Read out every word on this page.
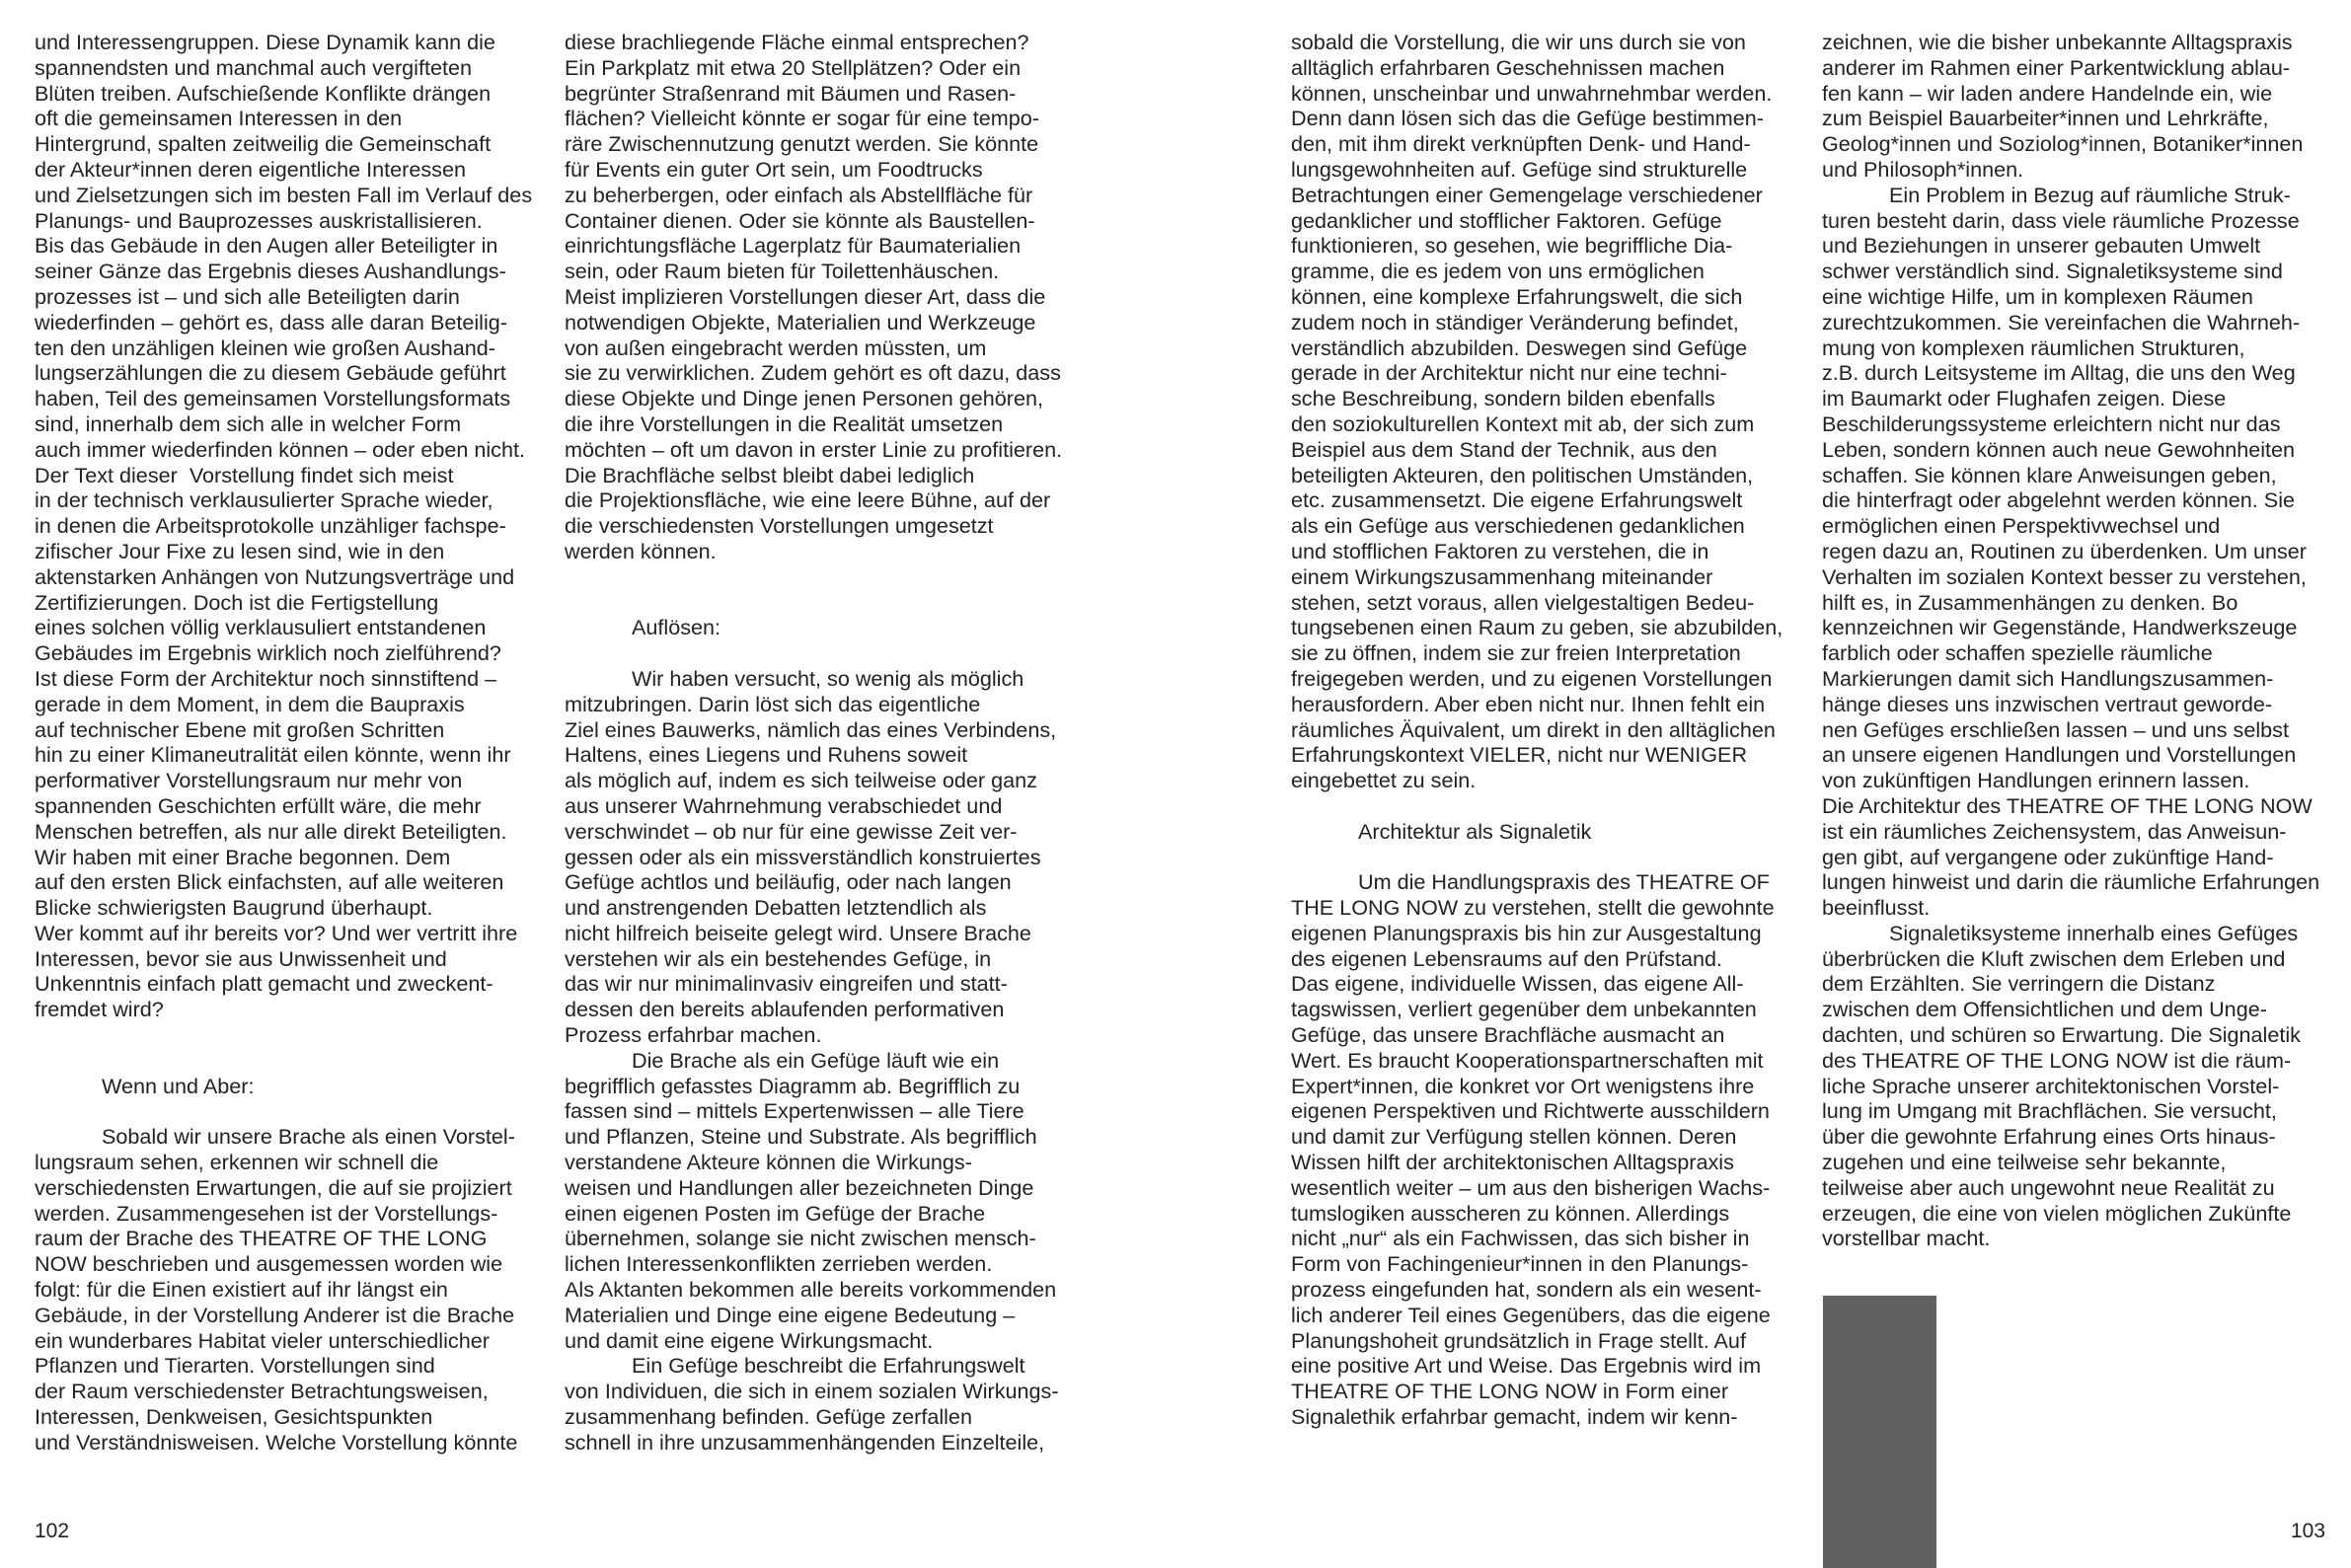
und Interessengruppen. Diese Dynamik kann die
spannendsten und manchmal auch vergifteten
Blüten treiben. Aufschießende Konflikte drängen
oft die gemeinsamen Interessen in den
Hintergrund, spalten zeitweilig die Gemeinschaft
der Akteur*innen deren eigentliche Interessen
und Zielsetzungen sich im besten Fall im Verlauf des
Planungs- und Bauprozesses auskristallisieren.
Bis das Gebäude in den Augen aller Beteiligter in
seiner Gänze das Ergebnis dieses Aushandlungs-
prozesses ist – und sich alle Beteiligten darin
wiederfinden – gehört es, dass alle daran Beteilig-
ten den unzähligen kleinen wie großen Aushand-
lungserzählungen die zu diesem Gebäude geführt
haben, Teil des gemeinsamen Vorstellungsformats
sind, innerhalb dem sich alle in welcher Form
auch immer wiederfinden können – oder eben nicht.
Der Text dieser  Vorstellung findet sich meist
in der technisch verklausulierter Sprache wieder,
in denen die Arbeitsprotokolle unzähliger fachspe-
zifischer Jour Fixe zu lesen sind, wie in den
aktenstarken Anhängen von Nutzungsverträge und
Zertifizierungen. Doch ist die Fertigstellung
eines solchen völlig verklausuliert entstandenen
Gebäudes im Ergebnis wirklich noch zielführend?
Ist diese Form der Architektur noch sinnstiftend –
gerade in dem Moment, in dem die Baupraxis
auf technischer Ebene mit großen Schritten
hin zu einer Klimaneutralität eilen könnte, wenn ihr
performativer Vorstellungsraum nur mehr von
spannenden Geschichten erfüllt wäre, die mehr
Menschen betreffen, als nur alle direkt Beteiligten.
Wir haben mit einer Brache begonnen. Dem
auf den ersten Blick einfachsten, auf alle weiteren
Blicke schwierigsten Baugrund überhaupt.
Wer kommt auf ihr bereits vor? Und wer vertritt ihre
Interessen, bevor sie aus Unwissenheit und
Unkenntnis einfach platt gemacht und zweckent-
fremdet wird?
Wenn und Aber:
Sobald wir unsere Brache als einen Vorstel-
lungsraum sehen, erkennen wir schnell die
verschiedensten Erwartungen, die auf sie projiziert
werden. Zusammengesehen ist der Vorstellungs-
raum der Brache des THEATRE OF THE LONG
NOW beschrieben und ausgemessen worden wie
folgt: für die Einen existiert auf ihr längst ein
Gebäude, in der Vorstellung Anderer ist die Brache
ein wunderbares Habitat vieler unterschiedlicher
Pflanzen und Tierarten. Vorstellungen sind
der Raum verschiedenster Betrachtungsweisen,
Interessen, Denkweisen, Gesichtspunkten
und Verständnisweisen. Welche Vorstellung könnte
diese brachliegende Fläche einmal entsprechen?
Ein Parkplatz mit etwa 20 Stellplätzen? Oder ein
begrünter Straßenrand mit Bäumen und Rasen-
flächen? Vielleicht könnte er sogar für eine tempo-
räre Zwischennutzung genutzt werden. Sie könnte
für Events ein guter Ort sein, um Foodtrucks
zu beherbergen, oder einfach als Abstellfläche für
Container dienen. Oder sie könnte als Baustellen-
einrichtungsfläche Lagerplatz für Baumaterialien
sein, oder Raum bieten für Toilettenhäuschen.
Meist implizieren Vorstellungen dieser Art, dass die
notwendigen Objekte, Materialien und Werkzeuge
von außen eingebracht werden müssten, um
sie zu verwirklichen. Zudem gehört es oft dazu, dass
diese Objekte und Dinge jenen Personen gehören,
die ihre Vorstellungen in die Realität umsetzen
möchten – oft um davon in erster Linie zu profitieren.
Die Brachfläche selbst bleibt dabei lediglich
die Projektionsfläche, wie eine leere Bühne, auf der
die verschiedensten Vorstellungen umgesetzt
werden können.
Auflösen:
Wir haben versucht, so wenig als möglich
mitzubringen. Darin löst sich das eigentliche
Ziel eines Bauwerks, nämlich das eines Verbindens,
Haltens, eines Liegens und Ruhens soweit
als möglich auf, indem es sich teilweise oder ganz
aus unserer Wahrnehmung verabschiedet und
verschwindet – ob nur für eine gewisse Zeit ver-
gessen oder als ein missverständlich konstruiertes
Gefüge achtlos und beiläufig, oder nach langen
und anstrengenden Debatten letztendlich als
nicht hilfreich beiseite gelegt wird. Unsere Brache
verstehen wir als ein bestehendes Gefüge, in
das wir nur minimalinvasiv eingreifen und statt-
dessen den bereits ablaufenden performativen
Prozess erfahrbar machen.
Die Brache als ein Gefüge läuft wie ein
begrifflich gefasstes Diagramm ab. Begrifflich zu
fassen sind – mittels Expertenwissen – alle Tiere
und Pflanzen, Steine und Substrate. Als begrifflich
verstandene Akteure können die Wirkungs-
weisen und Handlungen aller bezeichneten Dinge
einen eigenen Posten im Gefüge der Brache
übernehmen, solange sie nicht zwischen mensch-
lichen Interessenkonflikten zerrieben werden.
Als Aktanten bekommen alle bereits vorkommenden
Materialien und Dinge eine eigene Bedeutung –
und damit eine eigene Wirkungsmacht.
Ein Gefüge beschreibt die Erfahrungswelt
von Individuen, die sich in einem sozialen Wirkungs-
zusammenhang befinden. Gefüge zerfallen
schnell in ihre unzusammenhängenden Einzelteile,
102
sobald die Vorstellung, die wir uns durch sie von
alltäglich erfahrbaren Geschehnissen machen
können, unscheinbar und unwahrnehmbar werden.
Denn dann lösen sich das die Gefüge bestimmen-
den, mit ihm direkt verknüpften Denk- und Hand-
lungsgewohnheiten auf. Gefüge sind strukturelle
Betrachtungen einer Gemengelage verschiedener
gedanklicher und stofflicher Faktoren. Gefüge
funktionieren, so gesehen, wie begriffliche Dia-
gramme, die es jedem von uns ermöglichen
können, eine komplexe Erfahrungswelt, die sich
zudem noch in ständiger Veränderung befindet,
verständlich abzubilden. Deswegen sind Gefüge
gerade in der Architektur nicht nur eine techni-
sche Beschreibung, sondern bilden ebenfalls
den soziokulturellen Kontext mit ab, der sich zum
Beispiel aus dem Stand der Technik, aus den
beteiligten Akteuren, den politischen Umständen,
etc. zusammensetzt. Die eigene Erfahrungswelt
als ein Gefüge aus verschiedenen gedanklichen
und stofflichen Faktoren zu verstehen, die in
einem Wirkungszusammenhang miteinander
stehen, setzt voraus, allen vielgestaltigen Bedeu-
tungsebenen einen Raum zu geben, sie abzubilden,
sie zu öffnen, indem sie zur freien Interpretation
freigegeben werden, und zu eigenen Vorstellungen
herausfordern. Aber eben nicht nur. Ihnen fehlt ein
räumliches Äquivalent, um direkt in den alltäglichen
Erfahrungskontext VIELER, nicht nur WENIGER
eingebettet zu sein.
Architektur als Signaletik
Um die Handlungspraxis des THEATRE OF
THE LONG NOW zu verstehen, stellt die gewohnte
eigenen Planungspraxis bis hin zur Ausgestaltung
des eigenen Lebensraums auf den Prüfstand.
Das eigene, individuelle Wissen, das eigene All-
tagswissen, verliert gegenüber dem unbekannten
Gefüge, das unsere Brachfläche ausmacht an
Wert. Es braucht Kooperationspartnerschaften mit
Expert*innen, die konkret vor Ort wenigstens ihre
eigenen Perspektiven und Richtwerte ausschildern
und damit zur Verfügung stellen können. Deren
Wissen hilft der architektonischen Alltagspraxis
wesentlich weiter – um aus den bisherigen Wachs-
tumslogiken ausscheren zu können. Allerdings
nicht „nur“ als ein Fachwissen, das sich bisher in
Form von Fachingenieur*innen in den Planungs-
prozess eingefunden hat, sondern als ein wesent-
lich anderer Teil eines Gegenübers, das die eigene
Planungshoheit grundsätzlich in Frage stellt. Auf
eine positive Art und Weise. Das Ergebnis wird im
THEATRE OF THE LONG NOW in Form einer
Signalethik erfahrbar gemacht, indem wir kenn-
zeichnen, wie die bisher unbekannte Alltagspraxis
anderer im Rahmen einer Parkentwicklung ablau-
fen kann – wir laden andere Handelnde ein, wie
zum Beispiel Bauarbeiter*innen und Lehrkräfte,
Geolog*innen und Soziolog*innen, Botaniker*innen
und Philosoph*innen.
Ein Problem in Bezug auf räumliche Struk-
turen besteht darin, dass viele räumliche Prozesse
und Beziehungen in unserer gebauten Umwelt
schwer verständlich sind. Signaletiksysteme sind
eine wichtige Hilfe, um in komplexen Räumen
zurechtzukommen. Sie vereinfachen die Wahrneh-
mung von komplexen räumlichen Strukturen,
z.B. durch Leitsysteme im Alltag, die uns den Weg
im Baumarkt oder Flughafen zeigen. Diese
Beschilderungssysteme erleichtern nicht nur das
Leben, sondern können auch neue Gewohnheiten
schaffen. Sie können klare Anweisungen geben,
die hinterfragt oder abgelehnt werden können. Sie
ermöglichen einen Perspektivwechsel und
regen dazu an, Routinen zu überdenken. Um unser
Verhalten im sozialen Kontext besser zu verstehen,
hilft es, in Zusammenhängen zu denken. Bo
kennzeichnen wir Gegenstände, Handwerkszeuge
farblich oder schaffen spezielle räumliche
Markierungen damit sich Handlungszusammen-
hänge dieses uns inzwischen vertraut geworde-
nen Gefüges erschließen lassen – und uns selbst
an unsere eigenen Handlungen und Vorstellungen
von zukünftigen Handlungen erinnern lassen.
Die Architektur des THEATRE OF THE LONG NOW
ist ein räumliches Zeichensystem, das Anweisun-
gen gibt, auf vergangene oder zukünftige Hand-
lungen hinweist und darin die räumliche Erfahrungen
beeinflusst.
Signaletiksysteme innerhalb eines Gefüges
überbrücken die Kluft zwischen dem Erleben und
dem Erzählten. Sie verringern die Distanz
zwischen dem Offensichtlichen und dem Unge-
dachten, und schüren so Erwartung. Die Signaletik
des THEATRE OF THE LONG NOW ist die räum-
liche Sprache unserer architektonischen Vorstel-
lung im Umgang mit Brachflächen. Sie versucht,
über die gewohnte Erfahrung eines Orts hinaus-
zugehen und eine teilweise sehr bekannte,
teilweise aber auch ungewohnt neue Realität zu
erzeugen, die eine von vielen möglichen Zukünfte
vorstellbar macht.
103
